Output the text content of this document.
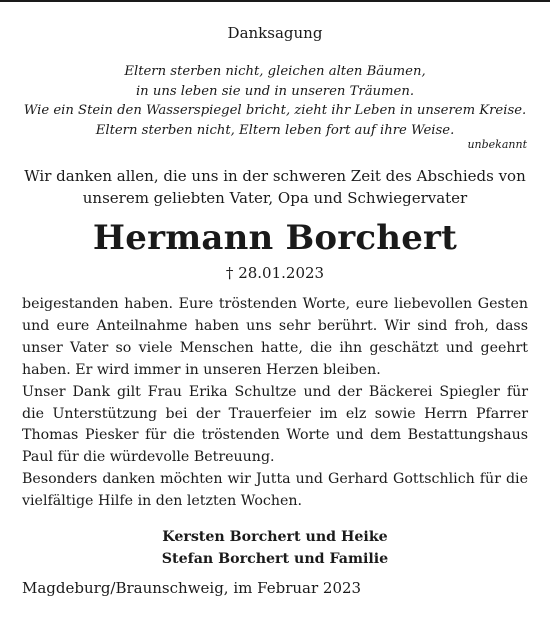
Danksagung
Eltern sterben nicht, gleichen alten Bäumen,
in uns leben sie und in unseren Träumen.
Wie ein Stein den Wasserspiegel bricht, zieht ihr Leben in unserem Kreise.
Eltern sterben nicht, Eltern leben fort auf ihre Weise.
unbekannt
Wir danken allen, die uns in der schweren Zeit des Abschieds von unserem geliebten Vater, Opa und Schwiegervater
Hermann Borchert
† 28.01.2023

beigestanden haben. Eure tröstenden Worte, eure liebevollen Gesten und eure Anteilnahme haben uns sehr berührt. Wir sind froh, dass unser Vater so viele Menschen hatte, die ihn geschätzt und geehrt haben. Er wird immer in unseren Herzen bleiben.

Unser Dank gilt Frau Erika Schultze und der Bäckerei Spiegler für die Unterstützung bei der Trauerfeier im elz sowie Herrn Pfarrer Thomas Piesker für die tröstenden Worte und dem Bestattungshaus Paul für die würdevolle Betreuung.

Besonders danken möchten wir Jutta und Gerhard Gottschlich für die vielfältige Hilfe in den letzten Wochen.

Kersten Borchert und Heike
Stefan Borchert und Familie
Magdeburg/Braunschweig, im Februar 2023
